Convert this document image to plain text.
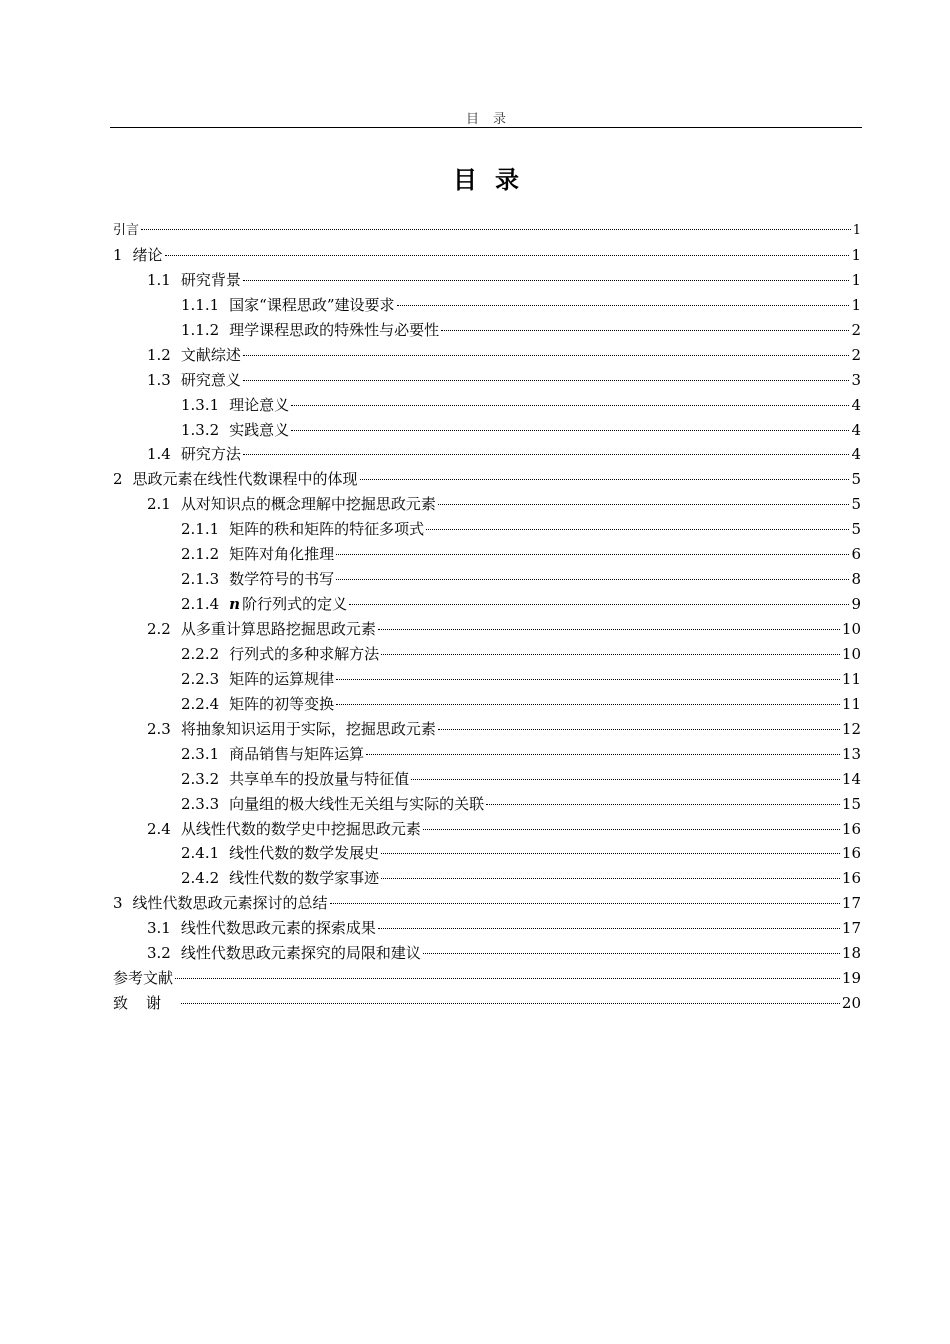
目录
目录
引言	1
1 绪论	1
1.1 研究背景	1
1.1.1 国家“课程思政”建设要求	1
1.1.2 理学课程思政的特殊性与必要性	2
1.2 文献综述	2
1.3 研究意义	3
1.3.1 理论意义	4
1.3.2 实践意义	4
1.4 研究方法	4
2 思政元素在线性代数课程中的体现	5
2.1 从对知识点的概念理解中挖掘思政元素	5
2.1.1 矩阵的秩和矩阵的特征多项式	5
2.1.2 矩阵对角化推理	6
2.1.3 数学符号的书写	8
2.1.4 n 阶行列式的定义	9
2.2 从多重计算思路挖掘思政元素	10
2.2.2 行列式的多种求解方法	10
2.2.3 矩阵的运算规律	11
2.2.4 矩阵的初等变换	11
2.3 将抽象知识运用于实际，挖掘思政元素	12
2.3.1 商品销售与矩阵运算	13
2.3.2 共享单车的投放量与特征值	14
2.3.3 向量组的极大线性无关组与实际的关联	15
2.4 从线性代数的数学史中挖掘思政元素	16
2.4.1 线性代数的数学发展史	16
2.4.2 线性代数的数学家事迹	16
3 线性代数思政元素探讨的总结	17
3.1 线性代数思政元素的探索成果	17
3.2 线性代数思政元素探究的局限和建议	18
参考文献	19
致谢	20
